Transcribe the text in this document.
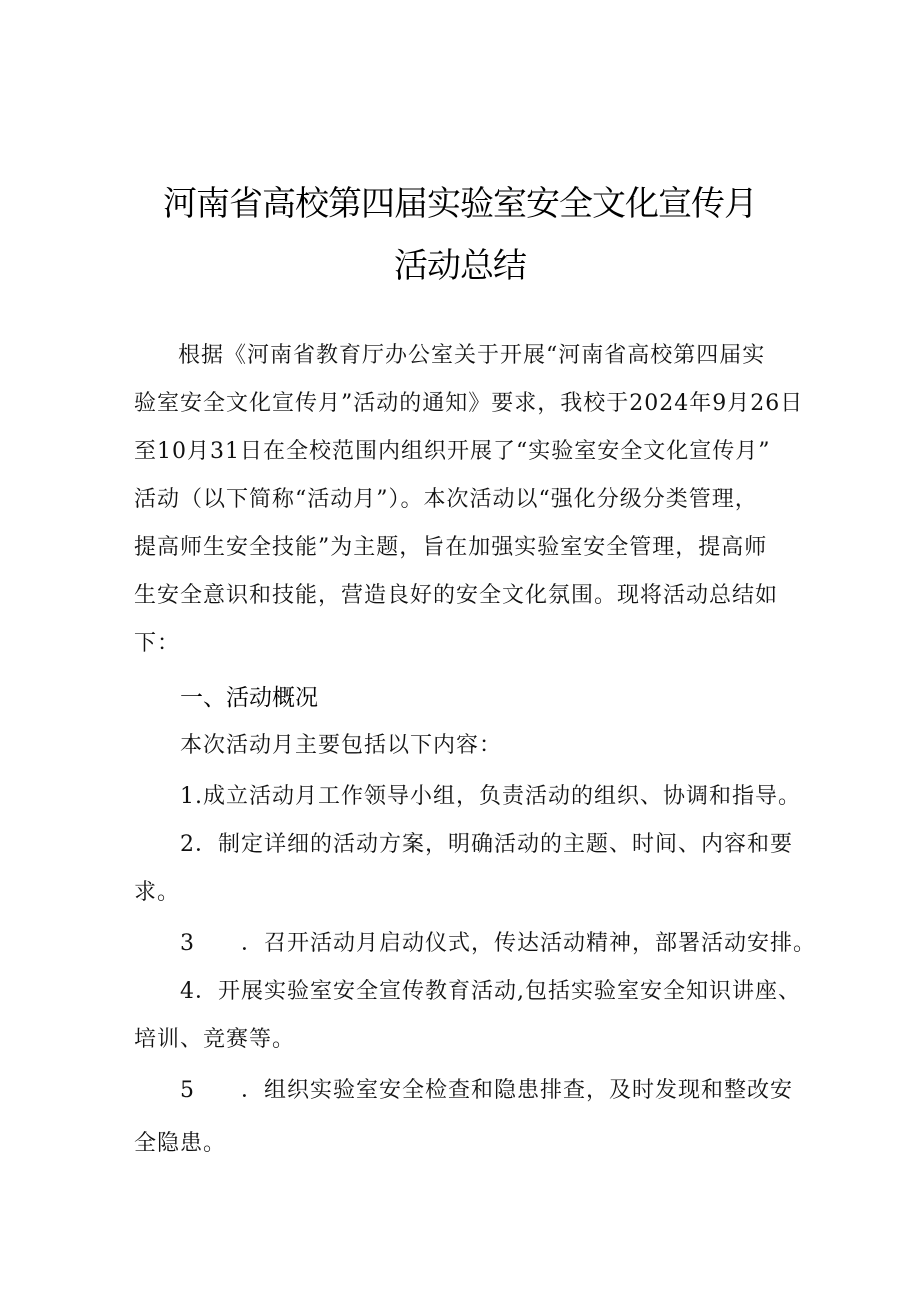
河南省高校第四届实验室安全文化宣传月
活动总结
根据《河南省教育厅办公室关于开展“河南省高校第四届实
验室安全文化宣传月”活动的通知》要求，我校于2024年9月26日
至10月31日在全校范围内组织开展了“实验室安全文化宣传月”
活动（以下简称“活动月”）。本次活动以“强化分级分类管理，
提高师生安全技能”为主题，旨在加强实验室安全管理，提高师
生安全意识和技能，营造良好的安全文化氛围。现将活动总结如
下：
一、活动概况
本次活动月主要包括以下内容：
1.成立活动月工作领导小组，负责活动的组织、协调和指导。
2．制定详细的活动方案，明确活动的主题、时间、内容和要
求。
3　　．召开活动月启动仪式，传达活动精神，部署活动安排。
4．开展实验室安全宣传教育活动,包括实验室安全知识讲座、
培训、竞赛等。
5　　．组织实验室安全检查和隐患排查，及时发现和整改安
全隐患。
